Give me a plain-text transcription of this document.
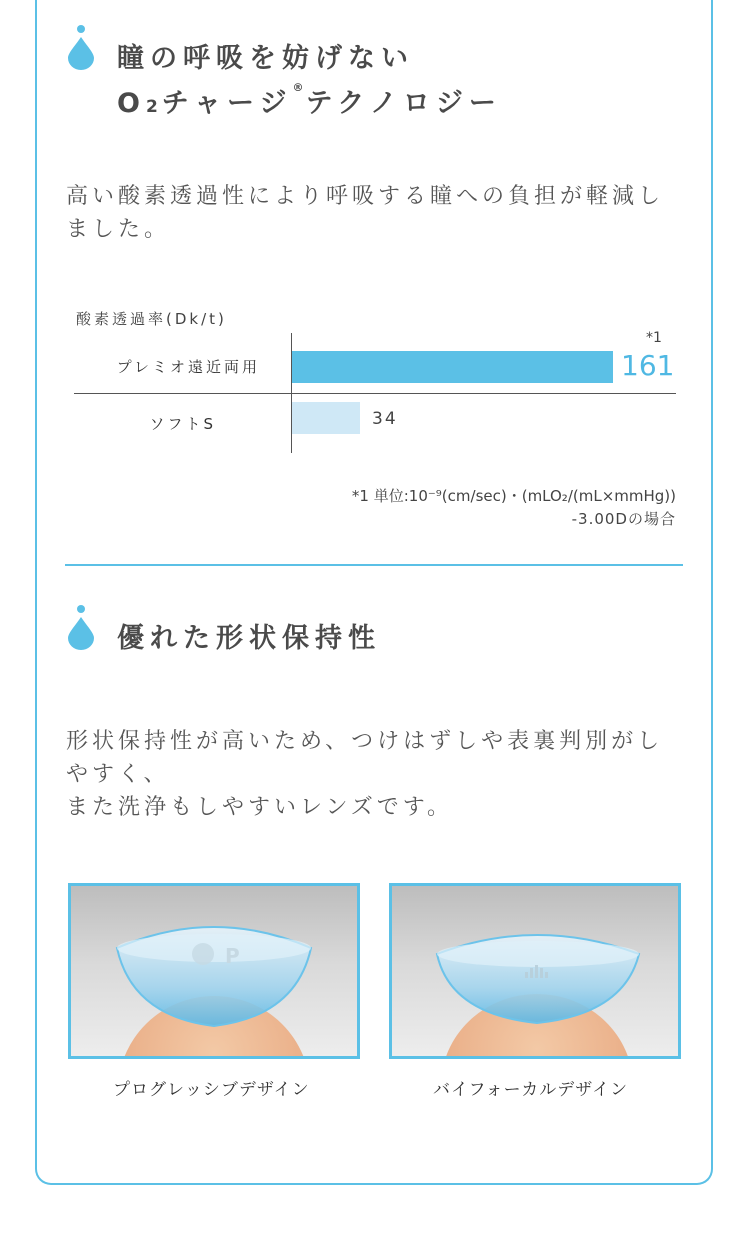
瞳の呼吸を妨げない
O2チャージ®テクノロジー
高い酸素透過性により呼吸する瞳への負担が軽減しました。
酸素透過率(Dk/t)
プレミオ遠近両用
ソフトS
*1
161
34
*1 単位:10⁻⁹(cm/sec)・(mLO₂/(mL×mmHg))
-3.00Dの場合
優れた形状保持性
形状保持性が高いため、つけはずしや表裏判別がしやすく、
また洗浄もしやすいレンズです。
P
プログレッシブデザイン	バイフォーカルデザイン
